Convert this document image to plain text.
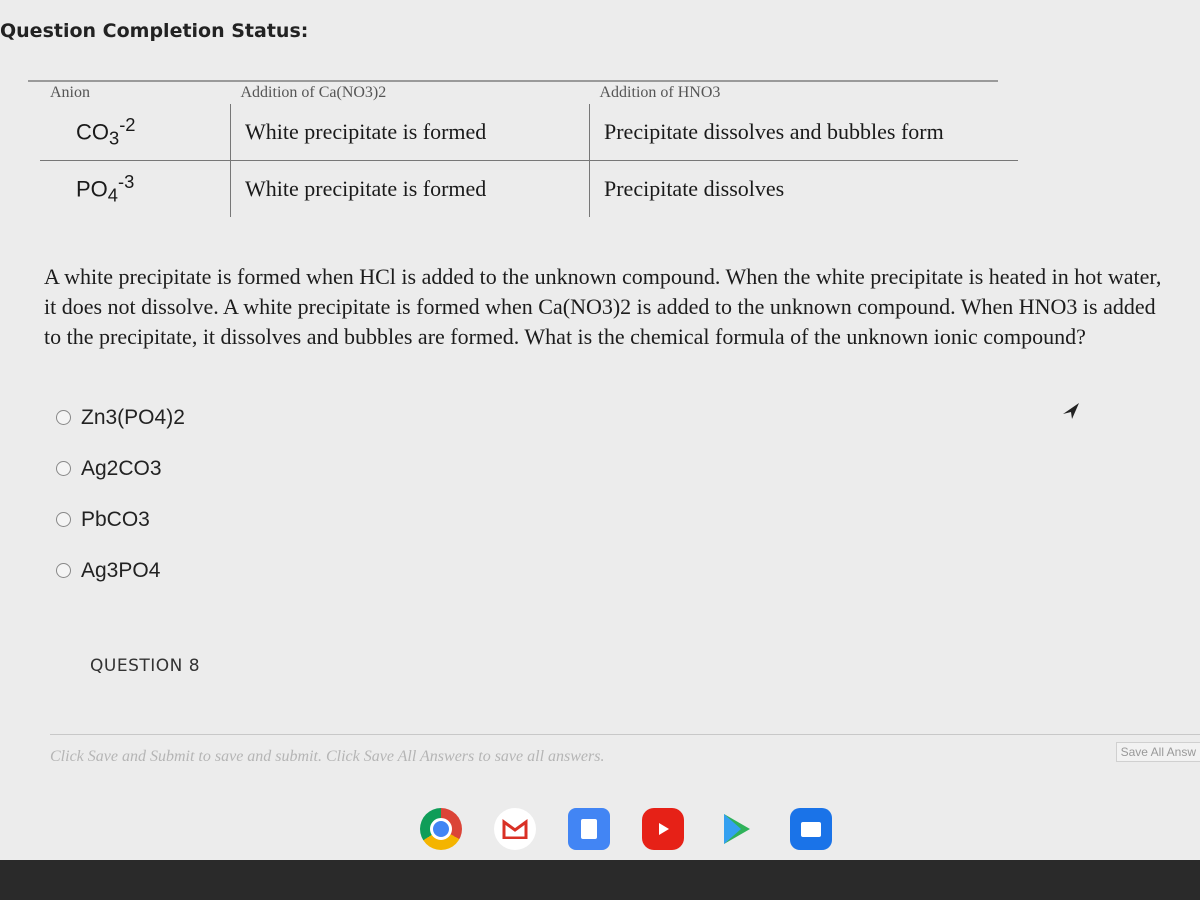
Question Completion Status:
Anion	Addition of Ca(NO3)2	Addition of HNO3
$CO_3^{-2}$	White precipitate is formed	Precipitate dissolves and bubbles form
$PO_4^{-3}$	White precipitate is formed	Precipitate dissolves
A white precipitate is formed when HCl is added to the unknown compound. When the white precipitate is heated in hot water, it does not dissolve. A white precipitate is formed when Ca(NO3)2 is added to the unknown compound. When HNO3 is added to the precipitate, it dissolves and bubbles are formed. What is the chemical formula of the unknown ionic compound?
Zn3(PO4)2
Ag2CO3
PbCO3
Ag3PO4
QUESTION 8
Click Save and Submit to save and submit. Click Save All Answers to save all answers.	Save All Answ
